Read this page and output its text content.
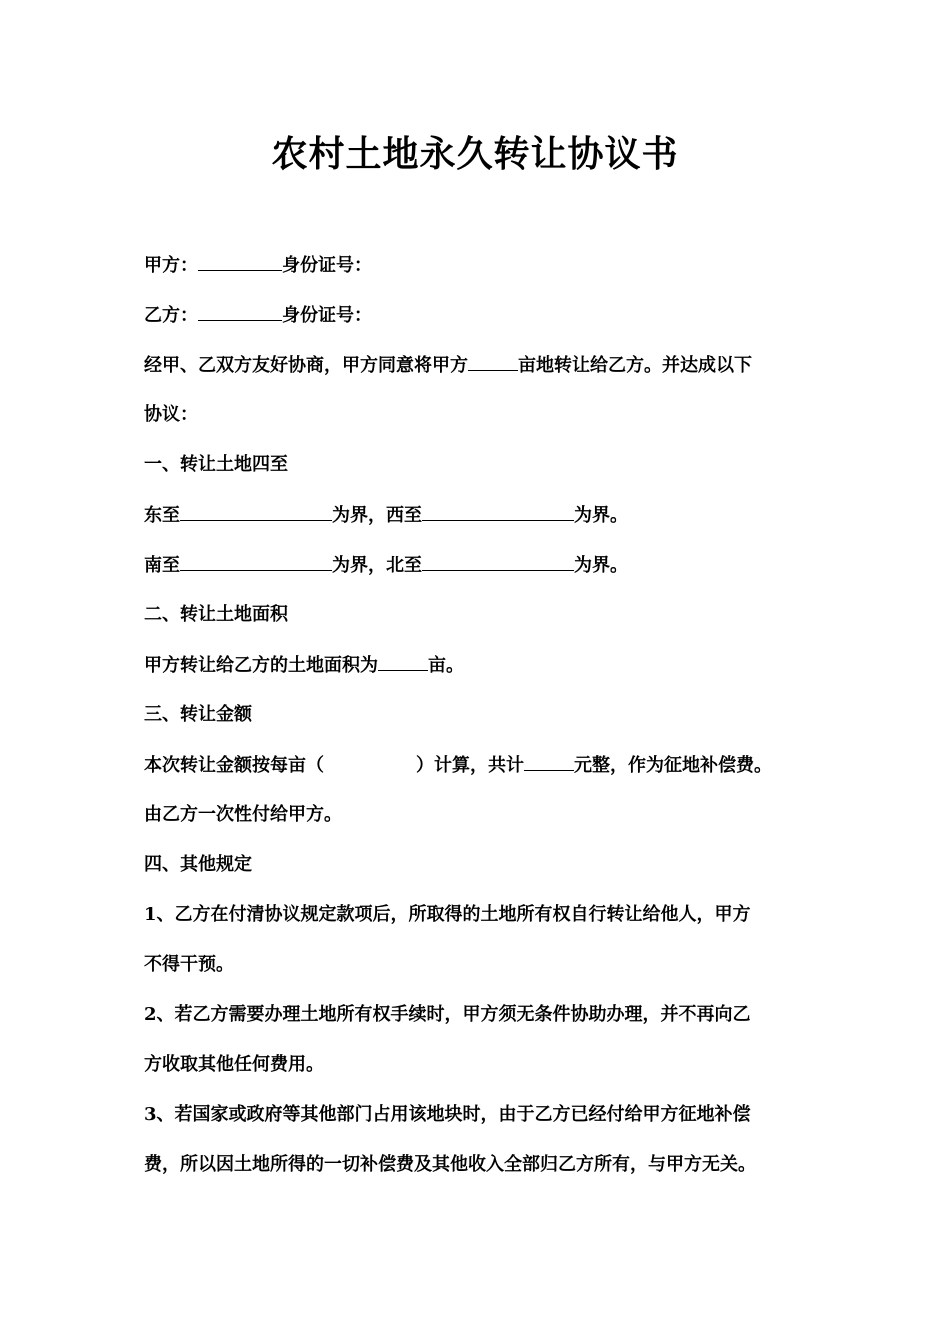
农村土地永久转让协议书
甲方：	身份证号：
乙方：	身份证号：
经甲、乙双方友好协商，甲方同意将甲方	亩地转让给乙方。并达成以下
协议：
一、转让土地四至
东至	为界，西至	为界。
南至	为界，北至	为界。
二、转让土地面积
甲方转让给乙方的土地面积为	亩。
三、转让金额
本次转让金额按每亩（	）计算，共计	元整，作为征地补偿费。
由乙方一次性付给甲方。
四、其他规定
1、乙方在付清协议规定款项后，所取得的土地所有权自行转让给他人，甲方
不得干预。
2、若乙方需要办理土地所有权手续时，甲方须无条件协助办理，并不再向乙
方收取其他任何费用。
3、若国家或政府等其他部门占用该地块时，由于乙方已经付给甲方征地补偿
费，所以因土地所得的一切补偿费及其他收入全部归乙方所有，与甲方无关。
